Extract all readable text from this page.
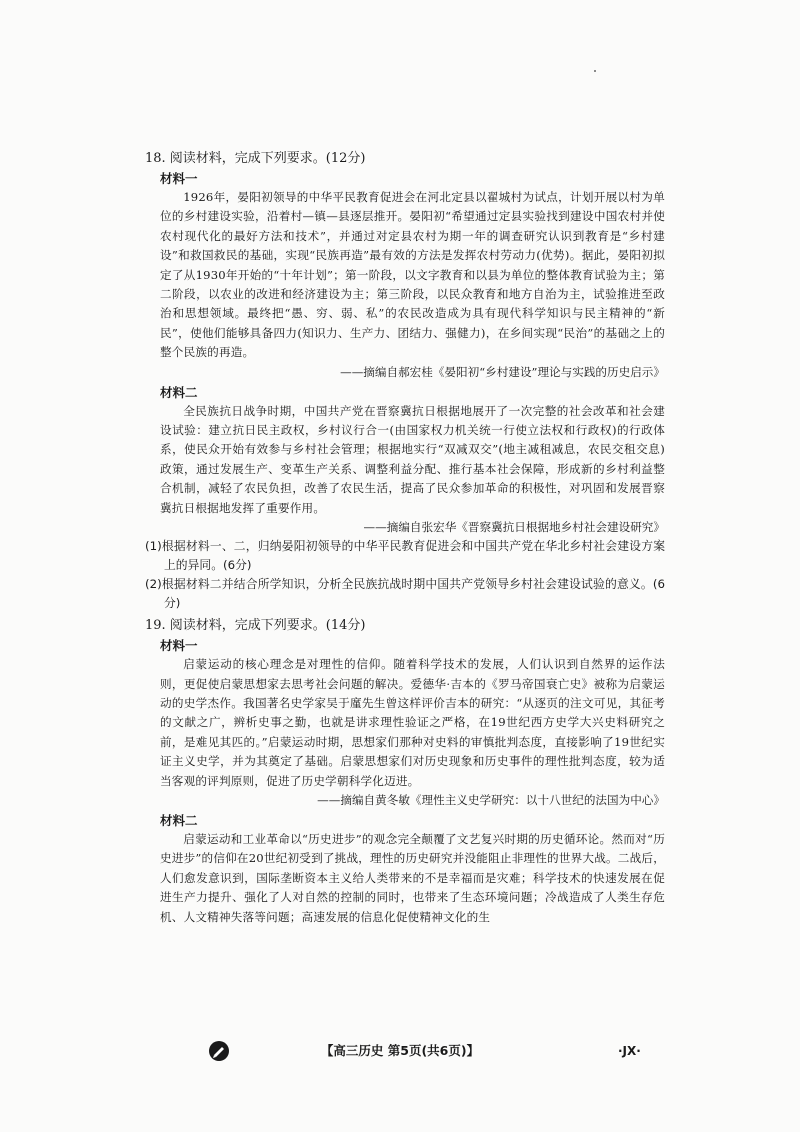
18. 阅读材料，完成下列要求。(12分)

材料一

1926年，晏阳初领导的中华平民教育促进会在河北定县以翟城村为试点，计划开展以村为单位的乡村建设实验，沿着村—镇—县逐层推开。晏阳初“希望通过定县实验找到建设中国农村并使农村现代化的最好方法和技术”，并通过对定县农村为期一年的调查研究认识到教育是“乡村建设”和救国救民的基础，实现“民族再造”最有效的方法是发挥农村劳动力(优势)。据此，晏阳初拟定了从1930年开始的“十年计划”；第一阶段，以文字教育和以县为单位的整体教育试验为主；第二阶段，以农业的改进和经济建设为主；第三阶段，以民众教育和地方自治为主，试验推进至政治和思想领域。最终把“愚、穷、弱、私”的农民改造成为具有现代科学知识与民主精神的“新民”，使他们能够具备四力(知识力、生产力、团结力、强健力)，在乡间实现“民治”的基础之上的整个民族的再造。

——摘编自郝宏桂《晏阳初“乡村建设”理论与实践的历史启示》

材料二

全民族抗日战争时期，中国共产党在晋察冀抗日根据地展开了一次完整的社会改革和社会建设试验：建立抗日民主政权，乡村议行合一(由国家权力机关统一行使立法权和行政权)的行政体系，使民众开始有效参与乡村社会管理；根据地实行“双减双交”(地主减租减息，农民交租交息)政策，通过发展生产、变革生产关系、调整利益分配、推行基本社会保障，形成新的乡村利益整合机制，减轻了农民负担，改善了农民生活，提高了民众参加革命的积极性，对巩固和发展晋察冀抗日根据地发挥了重要作用。

——摘编自张宏华《晋察冀抗日根据地乡村社会建设研究》

(1)根据材料一、二，归纳晏阳初领导的中华平民教育促进会和中国共产党在华北乡村社会建设方案上的异同。(6分)

(2)根据材料二并结合所学知识，分析全民族抗战时期中国共产党领导乡村社会建设试验的意义。(6分)

19. 阅读材料，完成下列要求。(14分)

材料一

启蒙运动的核心理念是对理性的信仰。随着科学技术的发展，人们认识到自然界的运作法则，更促使启蒙思想家去思考社会问题的解决。爱德华·吉本的《罗马帝国衰亡史》被称为启蒙运动的史学杰作。我国著名史学家吴于廑先生曾这样评价吉本的研究：“从逐页的注文可见，其征考的文献之广，辨析史事之勤，也就是讲求理性验证之严格，在19世纪西方史学大兴史料研究之前，是难见其匹的。”启蒙运动时期，思想家们那种对史料的审慎批判态度，直接影响了19世纪实证主义史学，并为其奠定了基础。启蒙思想家们对历史现象和历史事件的理性批判态度，较为适当客观的评判原则，促进了历史学朝科学化迈进。

——摘编自黄冬敏《理性主义史学研究：以十八世纪的法国为中心》

材料二

启蒙运动和工业革命以“历史进步”的观念完全颠覆了文艺复兴时期的历史循环论。然而对“历史进步”的信仰在20世纪初受到了挑战，理性的历史研究并没能阻止非理性的世界大战。二战后，人们愈发意识到，国际垄断资本主义给人类带来的不是幸福而是灾难；科学技术的快速发展在促进生产力提升、强化了人对自然的控制的同时，也带来了生态环境问题；冷战造成了人类生存危机、人文精神失落等问题；高速发展的信息化促使精神文化的生

【高三历史 第5页(共6页)】	·JX·
